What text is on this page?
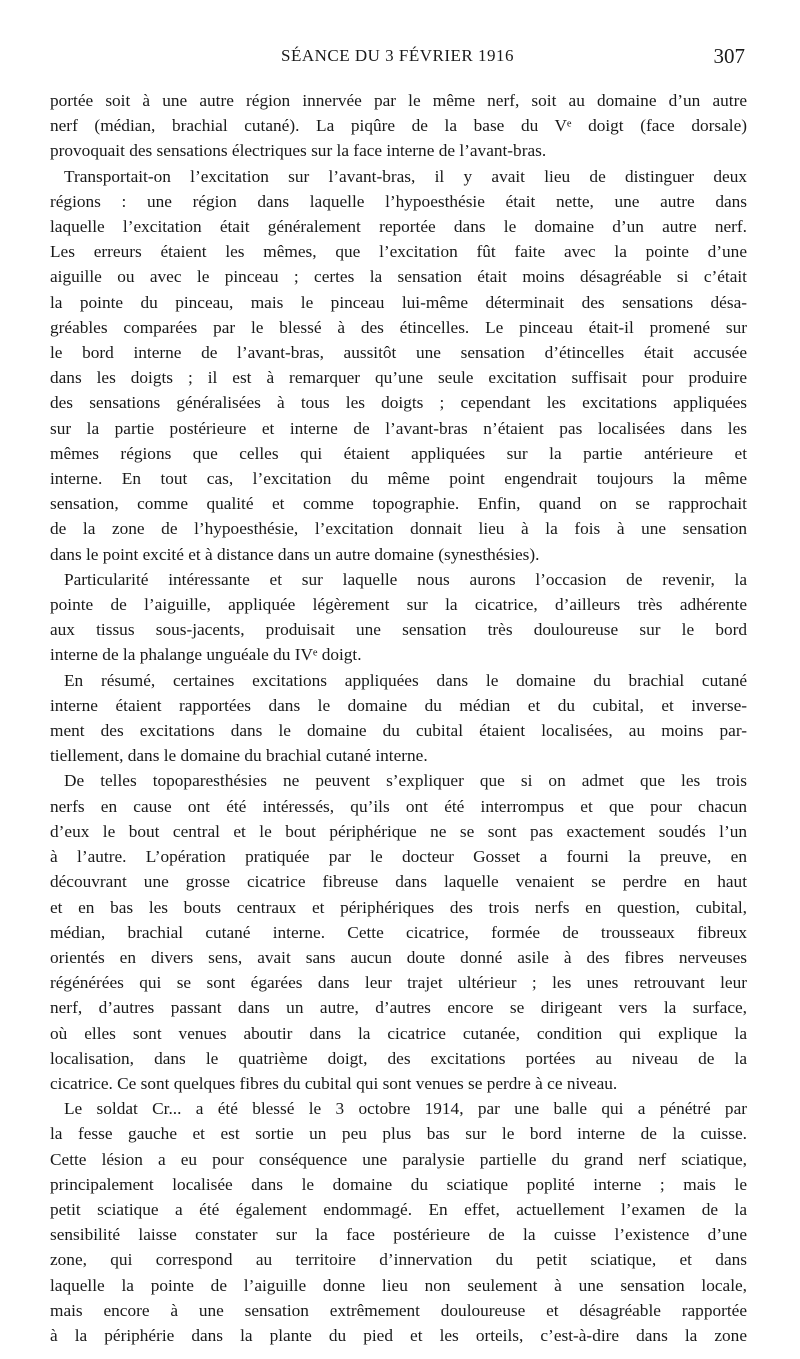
SÉANCE DU 3 FÉVRIER 1916	307
portée soit à une autre région innervée par le même nerf, soit au domaine d’un autre
nerf (médian, brachial cutané). La piqûre de la base du Vᵉ doigt (face dorsale)
provoquait des sensations électriques sur la face interne de l’avant-bras.
Transportait-on l’excitation sur l’avant-bras, il y avait lieu de distinguer deux
régions : une région dans laquelle l’hypoesthésie était nette, une autre dans
laquelle l’excitation était généralement reportée dans le domaine d’un autre nerf.
Les erreurs étaient les mêmes, que l’excitation fût faite avec la pointe d’une
aiguille ou avec le pinceau ; certes la sensation était moins désagréable si c’était
la pointe du pinceau, mais le pinceau lui-même déterminait des sensations désa-
gréables comparées par le blessé à des étincelles. Le pinceau était-il promené sur
le bord interne de l’avant-bras, aussitôt une sensation d’étincelles était accusée
dans les doigts ; il est à remarquer qu’une seule excitation suffisait pour produire
des sensations généralisées à tous les doigts ; cependant les excitations appliquées
sur la partie postérieure et interne de l’avant-bras n’étaient pas localisées dans les
mêmes régions que celles qui étaient appliquées sur la partie antérieure et
interne. En tout cas, l’excitation du même point engendrait toujours la même
sensation, comme qualité et comme topographie. Enfin, quand on se rapprochait
de la zone de l’hypoesthésie, l’excitation donnait lieu à la fois à une sensation
dans le point excité et à distance dans un autre domaine (synesthésies).
Particularité intéressante et sur laquelle nous aurons l’occasion de revenir, la
pointe de l’aiguille, appliquée légèrement sur la cicatrice, d’ailleurs très adhérente
aux tissus sous-jacents, produisait une sensation très douloureuse sur le bord
interne de la phalange unguéale du IVᵉ doigt.
En résumé, certaines excitations appliquées dans le domaine du brachial cutané
interne étaient rapportées dans le domaine du médian et du cubital, et inverse-
ment des excitations dans le domaine du cubital étaient localisées, au moins par-
tiellement, dans le domaine du brachial cutané interne.
De telles topoparesthésies ne peuvent s’expliquer que si on admet que les trois
nerfs en cause ont été intéressés, qu’ils ont été interrompus et que pour chacun
d’eux le bout central et le bout périphérique ne se sont pas exactement soudés l’un
à l’autre. L’opération pratiquée par le docteur Gosset a fourni la preuve, en
découvrant une grosse cicatrice fibreuse dans laquelle venaient se perdre en haut
et en bas les bouts centraux et périphériques des trois nerfs en question, cubital,
médian, brachial cutané interne. Cette cicatrice, formée de trousseaux fibreux
orientés en divers sens, avait sans aucun doute donné asile à des fibres nerveuses
régénérées qui se sont égarées dans leur trajet ultérieur ; les unes retrouvant leur
nerf, d’autres passant dans un autre, d’autres encore se dirigeant vers la surface,
où elles sont venues aboutir dans la cicatrice cutanée, condition qui explique la
localisation, dans le quatrième doigt, des excitations portées au niveau de la
cicatrice. Ce sont quelques fibres du cubital qui sont venues se perdre à ce niveau.
Le soldat Cr... a été blessé le 3 octobre 1914, par une balle qui a pénétré par
la fesse gauche et est sortie un peu plus bas sur le bord interne de la cuisse.
Cette lésion a eu pour conséquence une paralysie partielle du grand nerf sciatique,
principalement localisée dans le domaine du sciatique poplité interne ; mais le
petit sciatique a été également endommagé. En effet, actuellement l’examen de la
sensibilité laisse constater sur la face postérieure de la cuisse l’existence d’une
zone, qui correspond au territoire d’innervation du petit sciatique, et dans
laquelle la pointe de l’aiguille donne lieu non seulement à une sensation locale,
mais encore à une sensation extrêmement douloureuse et désagréable rapportée
à la périphérie dans la plante du pied et les orteils, c’est-à-dire dans la zone
